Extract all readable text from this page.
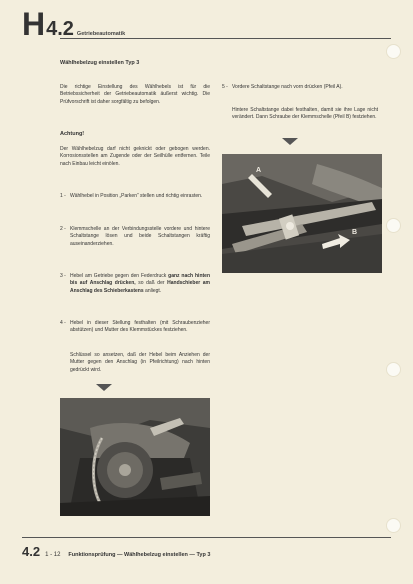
H 4.2 Getriebeautomatik
Wählhebelzug einstellen Typ 3
Die richtige Einstellung des Wählhebels ist für die Betriebssicherheit der Getriebeautomatik äußerst wichtig. Die Prüfvorschrift ist daher sorgfältig zu befolgen.
Achtung!
Der Wählhebelzug darf nicht geknickt oder gebogen werden. Korrosionsstellen am Zugende oder der Seilhülle entfernen. Teile nach Einbau leicht einölen.
1 - Wählhebel in Position „Parken“ stellen und richtig einrasten.
2 - Klemmschelle an der Verbindungsstelle vordere und hintere Schaltstange lösen und beide Schaltstangen kräftig auseinanderziehen.
3 - Hebel am Getriebe gegen den Federdruck ganz nach hinten bis auf Anschlag drücken, so daß der Handschieber am Anschlag des Schieberkastens anliegt.
4 - Hebel in dieser Stellung festhalten (mit Schraubenzieher abstützen) und Mutter des Klemmstückes festziehen.
Schlüssel so ansetzen, daß der Hebel beim Anziehen der Mutter gegen den Anschlag (in Pfeilrichtung) nach hinten gedrückt wird.
5 - Vordere Schaltstange nach vorn drücken (Pfeil A).
Hintere Schaltstange dabei festhalten, damit sie ihre Lage nicht verändert. Dann Schraube der Klemmschelle (Pfeil B) festziehen.
A
B
4.2 1 - 12 Funktionsprüfung — Wählhebelzug einstellen — Typ 3
